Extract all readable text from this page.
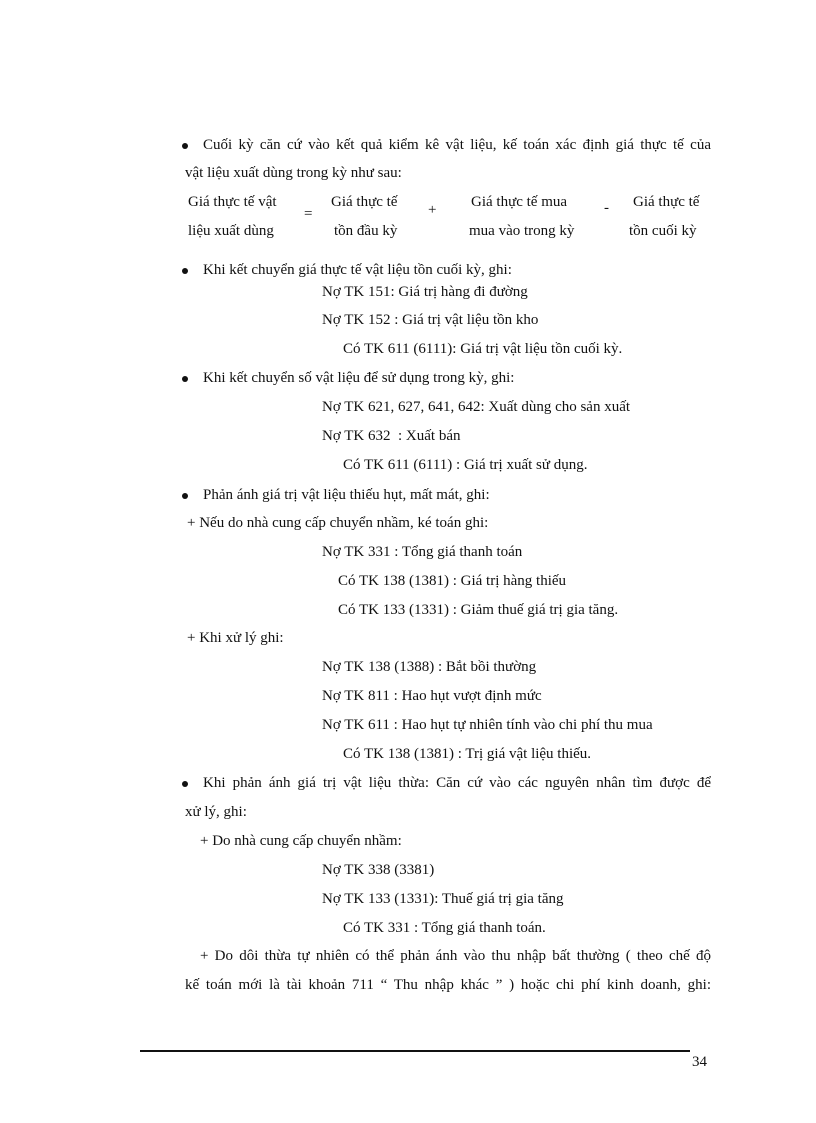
Cuối kỳ căn cứ vào kết quả kiểm kê vật liệu, kế toán xác định giá thực tế của
vật liệu xuất dùng trong kỳ như sau:
Giá thực tế vật
liệu xuất dùng
=
Giá thực tế
tồn đầu kỳ
+ Giá thực tế mua
mua vào trong kỳ
- Giá thực tế
tồn cuối kỳ
Khi kết chuyển giá thực tế vật liệu tồn cuối kỳ, ghi:
Nợ TK 151: Giá trị hàng đi đường
Nợ TK 152 : Giá trị vật liệu tồn kho
Có TK 611 (6111): Giá trị vật liệu tồn cuối kỳ.
Khi kết chuyển số vật liệu để sử dụng trong kỳ, ghi:
Nợ TK 621, 627, 641, 642: Xuất dùng cho sản xuất
Nợ TK 632  : Xuất bán
Có TK 611 (6111) : Giá trị xuất sử dụng.
Phản ánh giá trị vật liệu thiếu hụt, mất mát, ghi:
+ Nếu do nhà cung cấp chuyển nhầm, ké toán ghi:
Nợ TK 331 : Tổng giá thanh toán
Có TK 138 (1381) : Giá trị hàng thiếu
Có TK 133 (1331) : Giảm thuế giá trị gia tăng.
+ Khi xử lý ghi:
Nợ TK 138 (1388) : Bắt bồi thường
Nợ TK 811 : Hao hụt vượt định mức
Nợ TK 611 : Hao hụt tự nhiên tính vào chi phí thu mua
Có TK 138 (1381) : Trị giá vật liệu thiếu.
Khi phản ánh giá trị vật liệu thừa: Căn cứ vào các nguyên nhân tìm được để
xử lý, ghi:
+ Do nhà cung cấp chuyển nhầm:
Nợ TK 338 (3381)
Nợ TK 133 (1331): Thuế giá trị gia tăng
Có TK 331 : Tổng giá thanh toán.
+ Do dôi thừa tự nhiên có thể phản ánh vào thu nhập bất thường ( theo chế độ
kế toán mới là tài khoản 711 “ Thu nhập khác ” ) hoặc chi phí kinh doanh, ghi:
34
